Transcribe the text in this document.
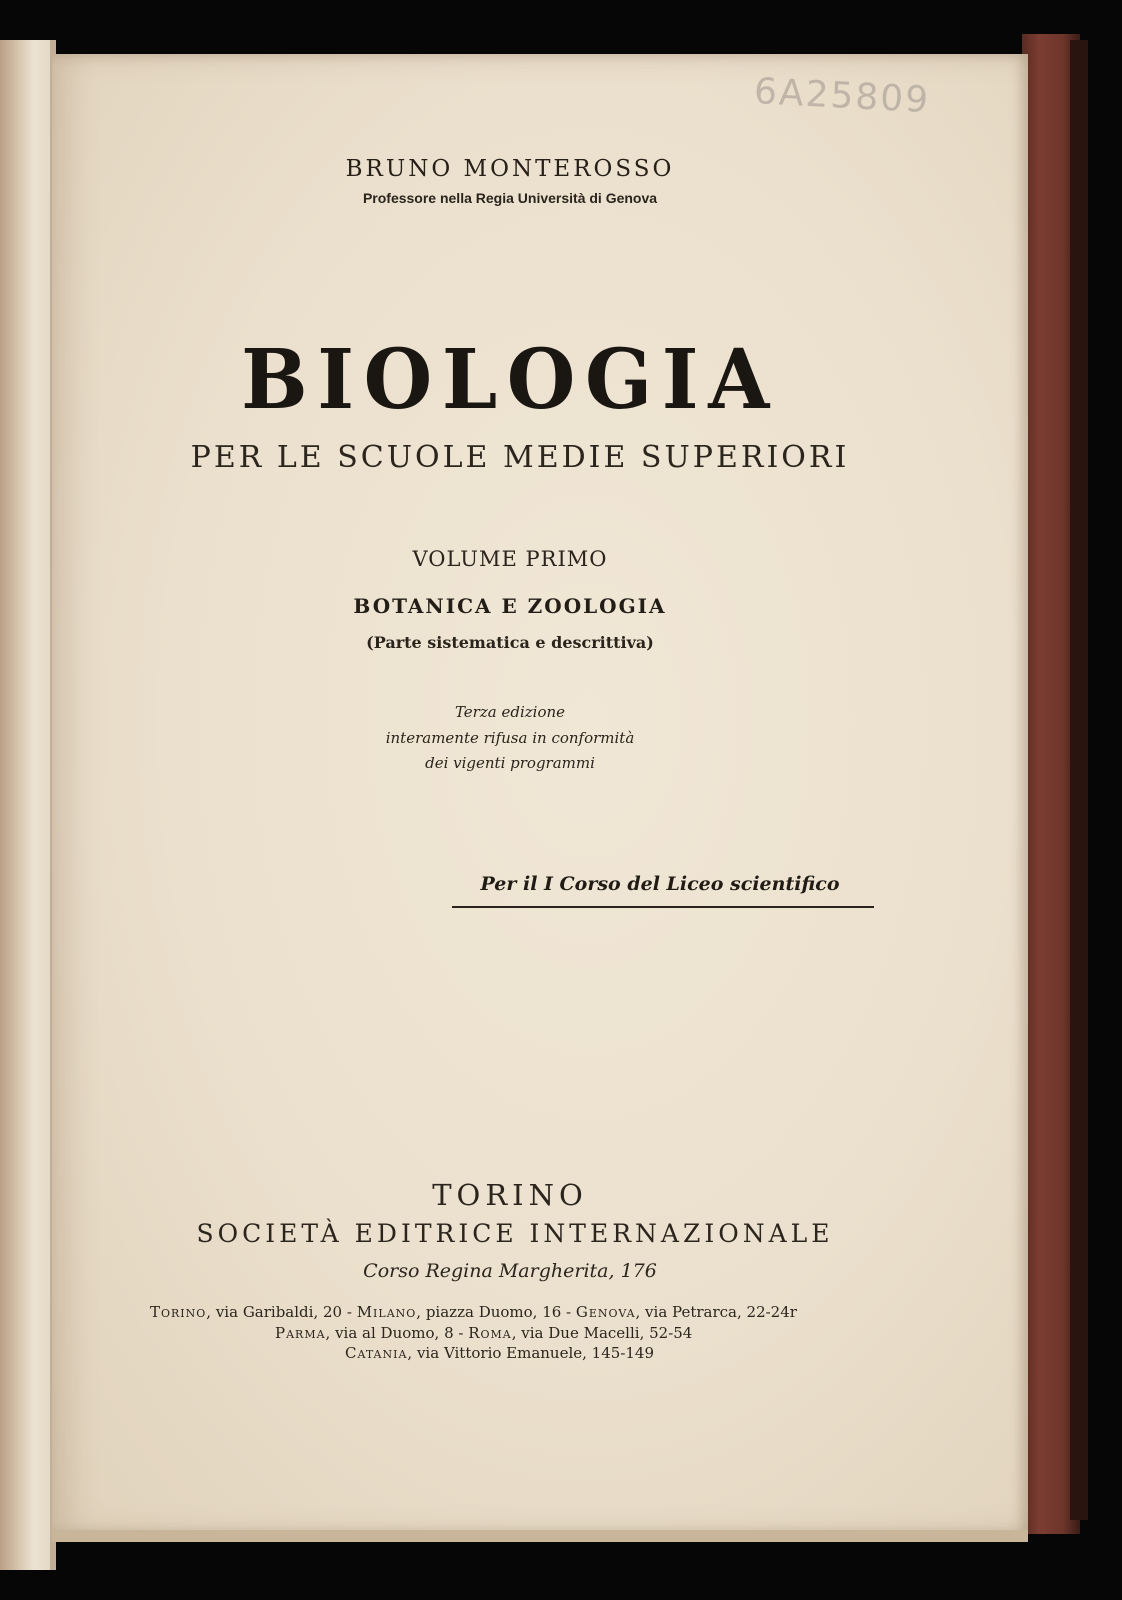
6A25809
BRUNO MONTEROSSO
Professore nella Regia Università di Genova
BIOLOGIA
PER LE SCUOLE MEDIE SUPERIORI
VOLUME PRIMO
BOTANICA E ZOOLOGIA
(Parte sistematica e descrittiva)
Terza edizione
interamente rifusa in conformità
dei vigenti programmi
Per il I Corso del Liceo scientifico
TORINO
SOCIETÀ EDITRICE INTERNAZIONALE
Corso Regina Margherita, 176
Torino, via Garibaldi, 20 - Milano, piazza Duomo, 16 - Genova, via Petrarca, 22-24r
Parma, via al Duomo, 8 - Roma, via Due Macelli, 52-54
Catania, via Vittorio Emanuele, 145-149
